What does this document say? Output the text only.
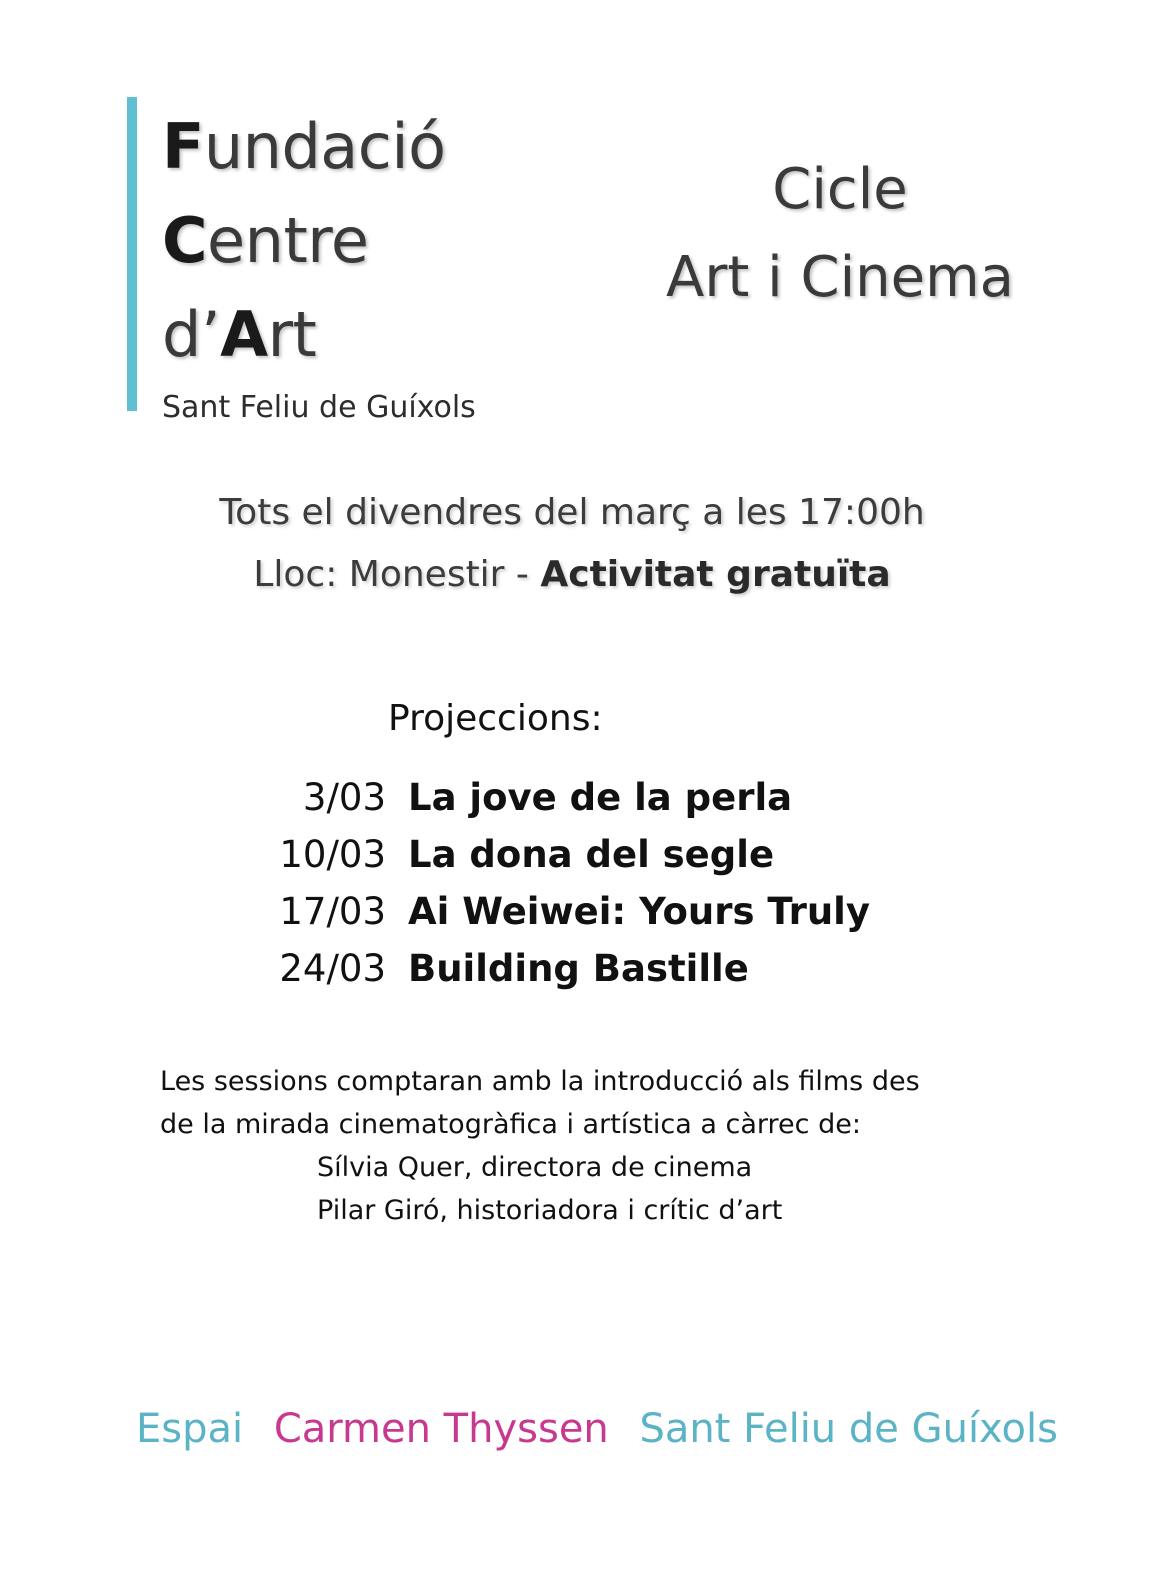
Fundació
Centre
d’Art
Sant Feliu de Guíxols
Cicle
Art i Cinema
Tots el divendres del març a les 17:00h
Lloc: Monestir - Activitat gratuïta
Projeccions:
3/03 La jove de la perla
10/03 La dona del segle
17/03 Ai Weiwei: Yours Truly
24/03 Building Bastille
Les sessions comptaran amb la introducció als films des
de la mirada cinematogràfica i artística a càrrec de:
Sílvia Quer, directora de cinema
Pilar Giró, historiadora i crític d’art
Espai Carmen Thyssen Sant Feliu de Guíxols
